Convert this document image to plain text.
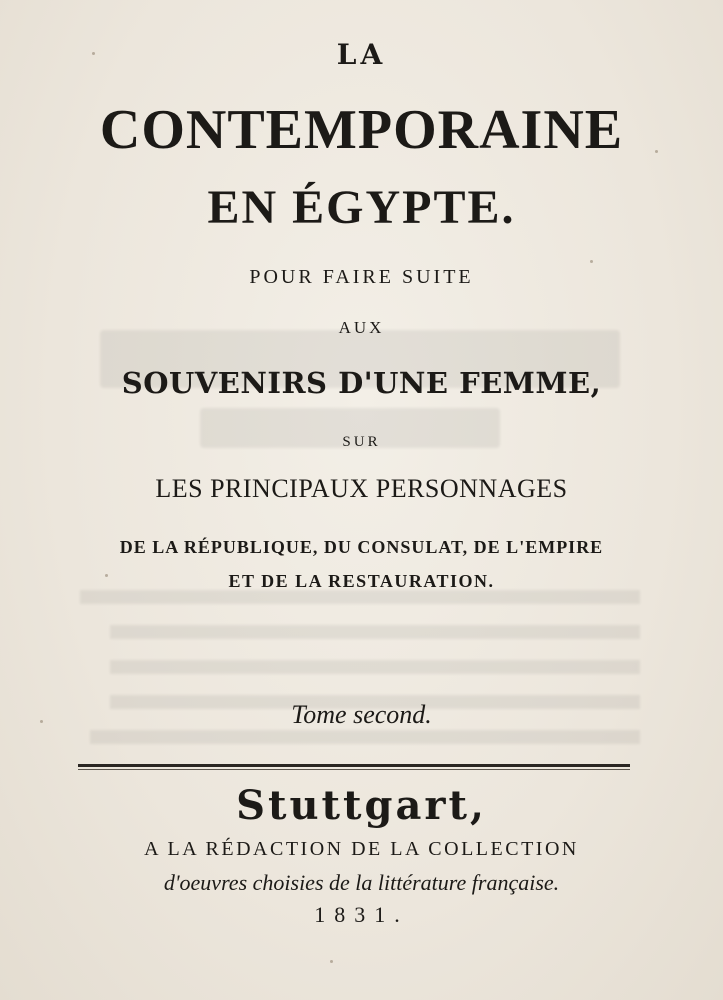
LA

CONTEMPORAINE

EN ÉGYPTE.

POUR FAIRE SUITE

AUX

SOUVENIRS D'UNE FEMME,

SUR

LES PRINCIPAUX PERSONNAGES

DE LA RÉPUBLIQUE, DU CONSULAT, DE L'EMPIRE

ET DE LA RESTAURATION.

Tome second.

Stuttgart,

A LA RÉDACTION DE LA COLLECTION

d'oeuvres choisies de la littérature française.

1831.
